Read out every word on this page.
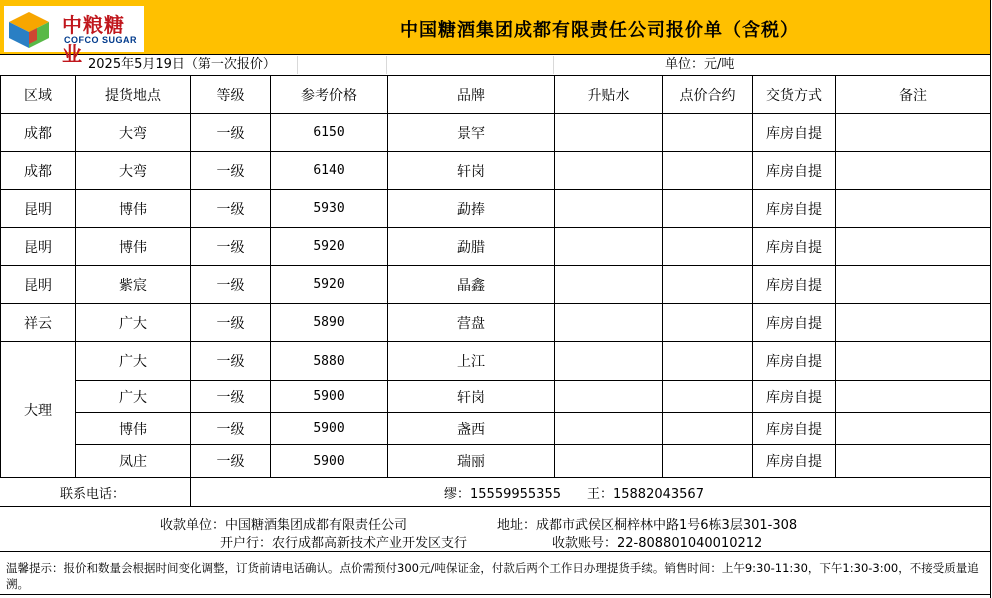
中粮糖业
COFCO SUGAR	中国糖酒集团成都有限责任公司报价单（含税）
2025年5月19日（第一次报价）	单位：元/吨
区域	提货地点	等级	参考价格	品牌	升贴水	点价合约	交货方式	备注
成都	大弯	一级	6150	景罕			库房自提	
成都	大弯	一级	6140	轩岗			库房自提	
昆明	博伟	一级	5930	勐捧			库房自提	
昆明	博伟	一级	5920	勐腊			库房自提	
昆明	紫宸	一级	5920	晶鑫			库房自提	
祥云	广大	一级	5890	营盘			库房自提	
大理	广大	一级	5880	上江			库房自提	
	广大	一级	5900	轩岗			库房自提	
	博伟	一级	5900	盏西			库房自提	
	凤庄	一级	5900	瑞丽			库房自提	
联系电话：	缪：15559955355　　王：15882043567
收款单位：中国糖酒集团成都有限责任公司	地址：成都市武侯区桐梓林中路1号6栋3层301-308
开户行：农行成都高新技术产业开发区支行	收款账号：22-808801040010212
温馨提示：报价和数量会根据时间变化调整，订货前请电话确认。点价需预付300元/吨保证金，付款后两个工作日办理提货手续。销售时间：上午9:30-11:30，下午1:30-3:00，不接受质量追溯。
